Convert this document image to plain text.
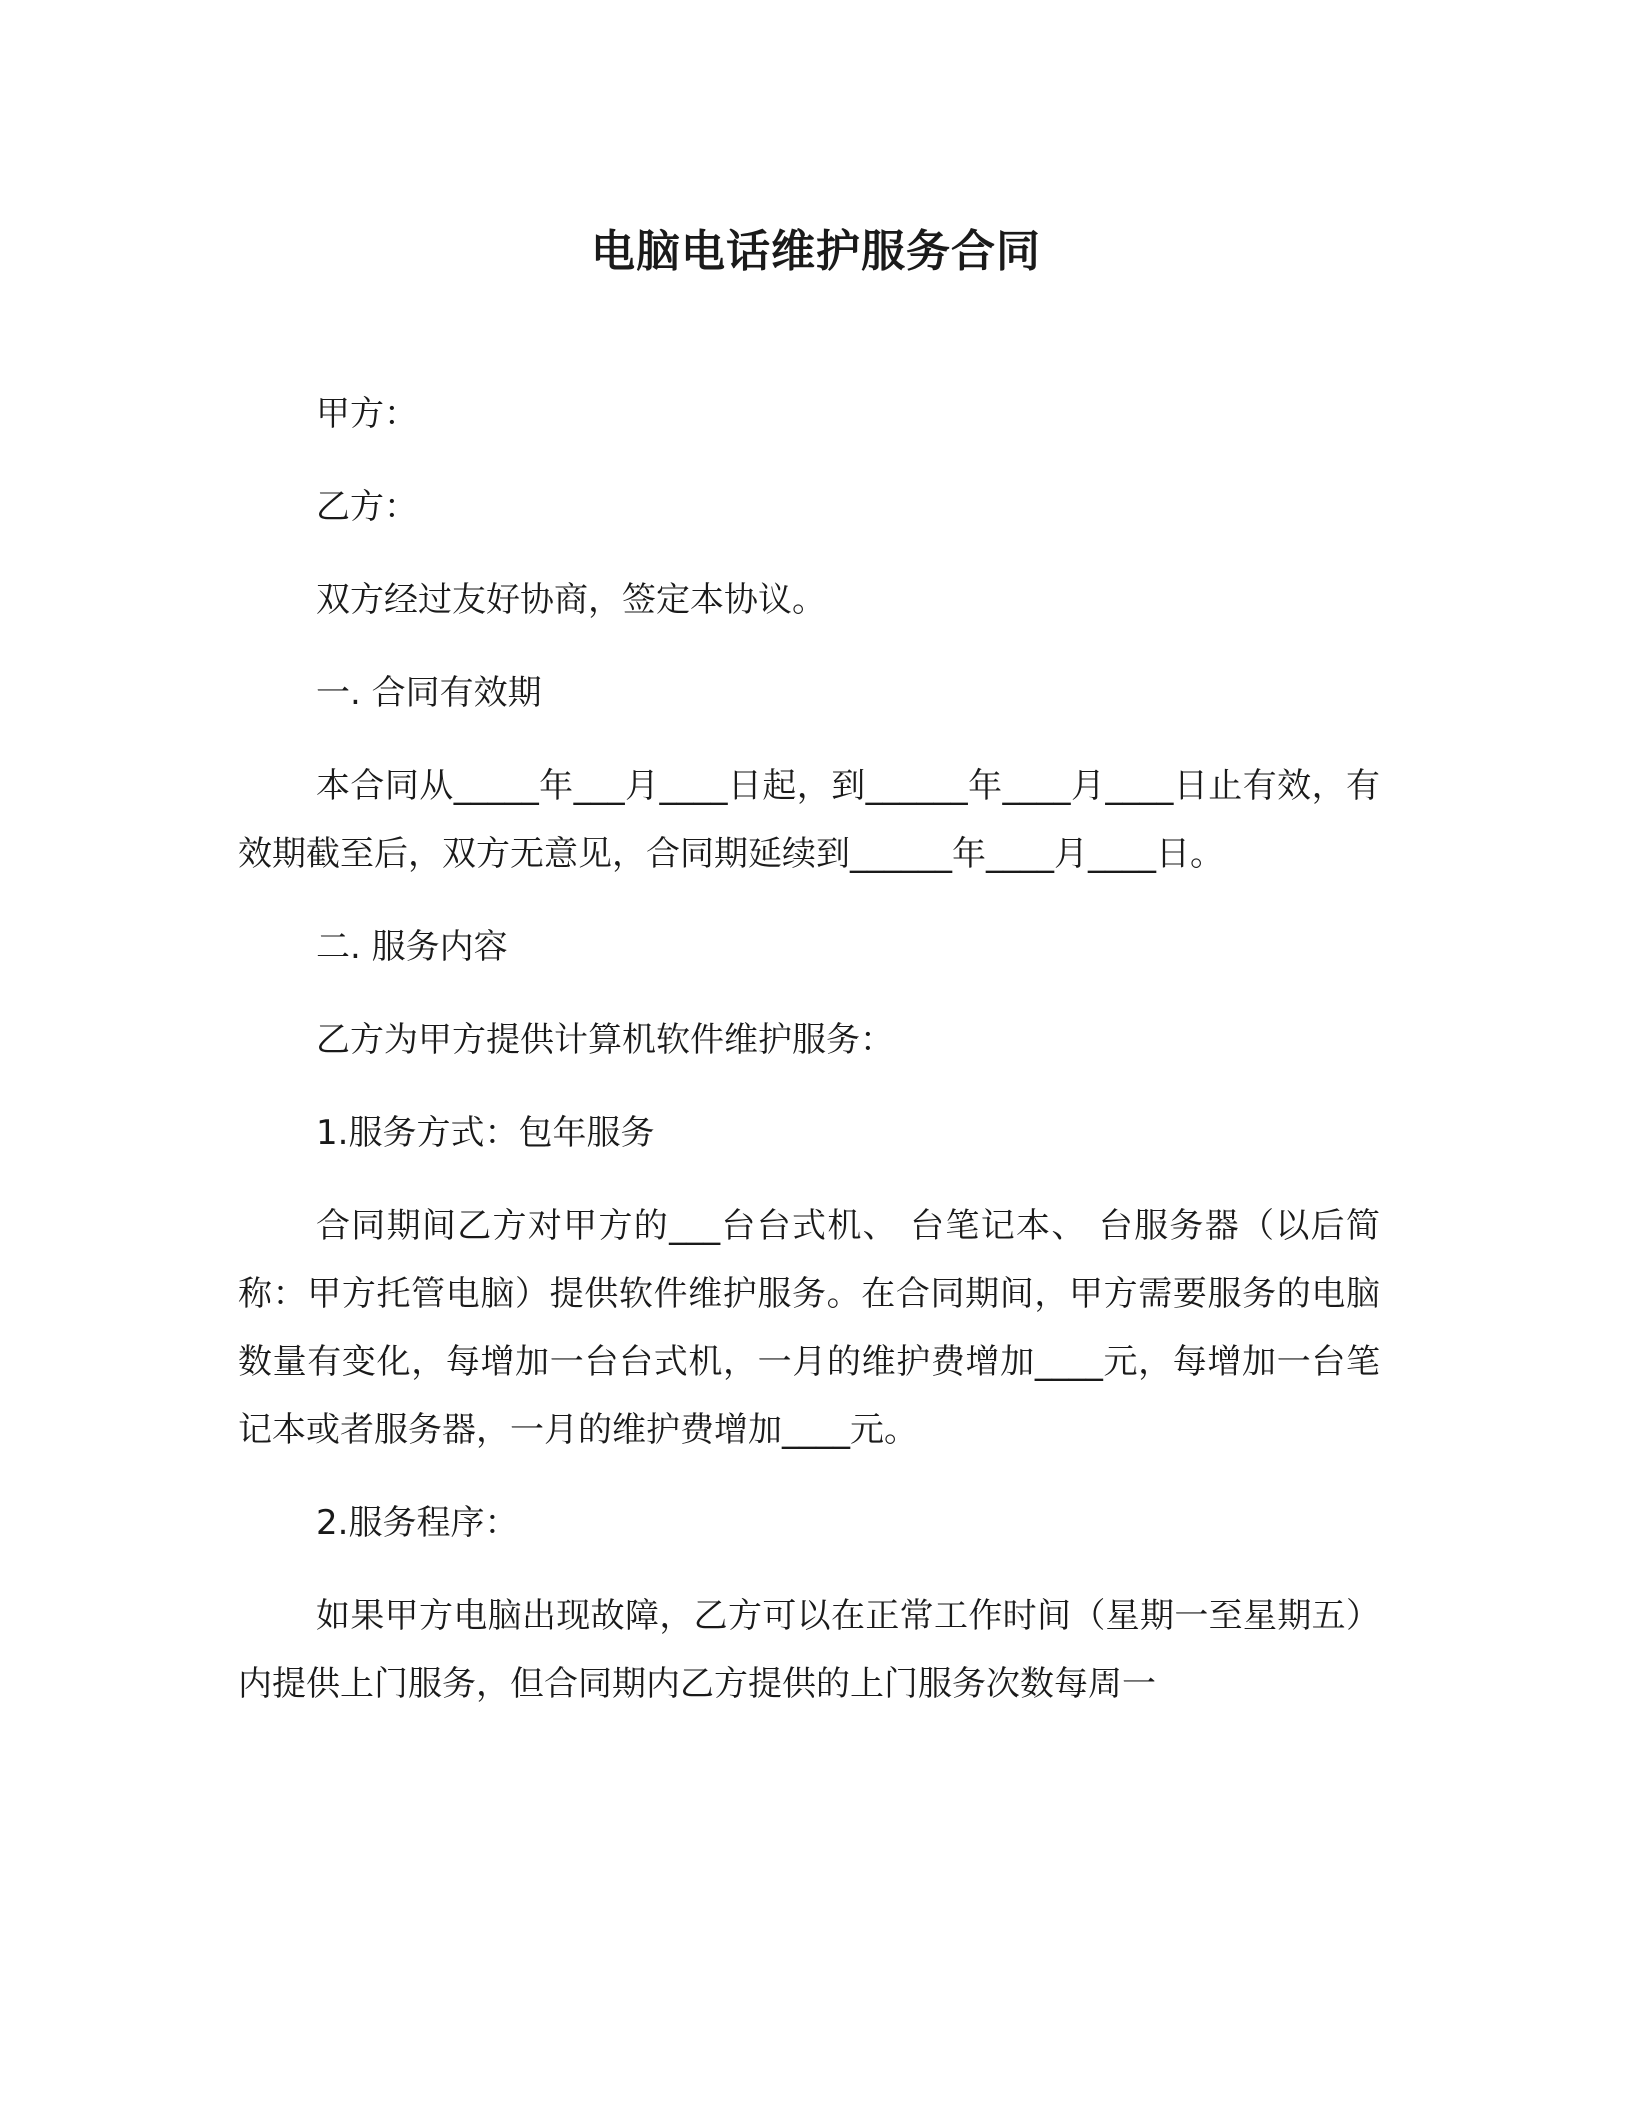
电脑电话维护服务合同

甲方：

乙方：

双方经过友好协商，签定本协议。

一. 合同有效期

本合同从_____年___月____日起，到______年____月____日止有效，有效期截至后，双方无意见，合同期延续到______年____月____日。

二. 服务内容

乙方为甲方提供计算机软件维护服务：

1.服务方式：包年服务

合同期间乙方对甲方的___台台式机、 台笔记本、 台服务器（以后简称：甲方托管电脑）提供软件维护服务。在合同期间，甲方需要服务的电脑数量有变化，每增加一台台式机，一月的维护费增加____元，每增加一台笔记本或者服务器，一月的维护费增加____元。

2.服务程序：

如果甲方电脑出现故障，乙方可以在正常工作时间（星期一至星期五）内提供上门服务，但合同期内乙方提供的上门服务次数每周一
